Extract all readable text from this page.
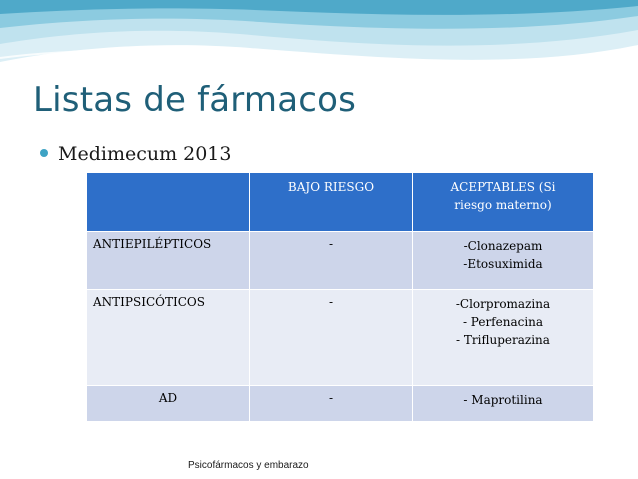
Listas de fármacos
Medimecum 2013

	BAJO RIESGO	ACEPTABLES (Si
riesgo materno)

ANTIEPILÉPTICOS	-	-Clonazepam
-Etosuximida

ANTIPSICÓTICOS	-	-Clorpromazina
- Perfenacina
- Trifluperazina

AD	-	- Maprotilina
Psicofármacos y embarazo
